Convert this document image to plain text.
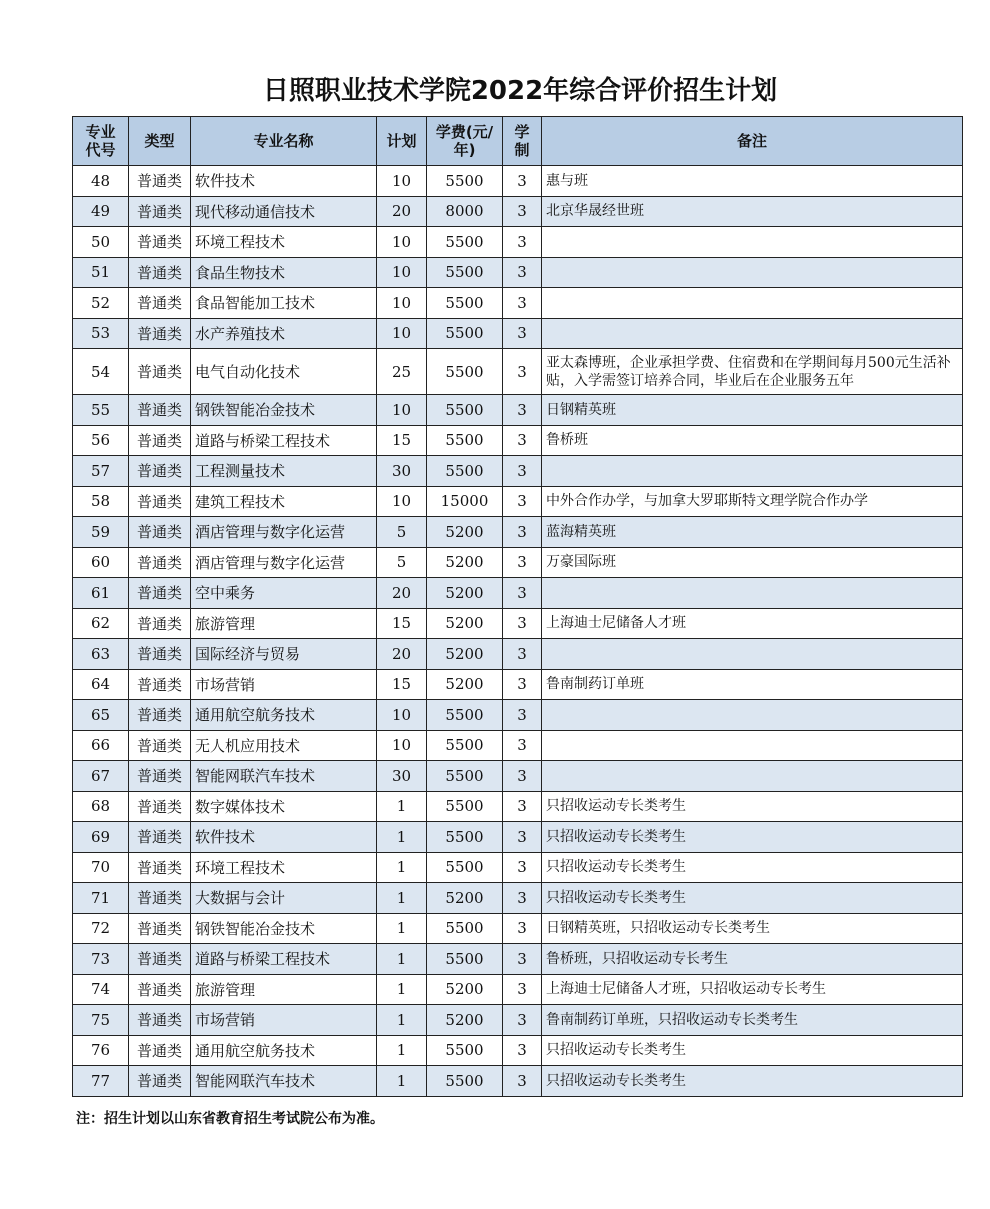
日照职业技术学院2022年综合评价招生计划
专业代号	类型	专业名称	计划	学费(元/年)	学制	备注
48	普通类	软件技术	10	5500	3	惠与班
49	普通类	现代移动通信技术	20	8000	3	北京华晟经世班
50	普通类	环境工程技术	10	5500	3	
51	普通类	食品生物技术	10	5500	3	
52	普通类	食品智能加工技术	10	5500	3	
53	普通类	水产养殖技术	10	5500	3	
54	普通类	电气自动化技术	25	5500	3	亚太森博班，企业承担学费、住宿费和在学期间每月500元生活补贴，入学需签订培养合同，毕业后在企业服务五年
55	普通类	钢铁智能冶金技术	10	5500	3	日钢精英班
56	普通类	道路与桥梁工程技术	15	5500	3	鲁桥班
57	普通类	工程测量技术	30	5500	3	
58	普通类	建筑工程技术	10	15000	3	中外合作办学，与加拿大罗耶斯特文理学院合作办学
59	普通类	酒店管理与数字化运营	5	5200	3	蓝海精英班
60	普通类	酒店管理与数字化运营	5	5200	3	万豪国际班
61	普通类	空中乘务	20	5200	3	
62	普通类	旅游管理	15	5200	3	上海迪士尼储备人才班
63	普通类	国际经济与贸易	20	5200	3	
64	普通类	市场营销	15	5200	3	鲁南制药订单班
65	普通类	通用航空航务技术	10	5500	3	
66	普通类	无人机应用技术	10	5500	3	
67	普通类	智能网联汽车技术	30	5500	3	
68	普通类	数字媒体技术	1	5500	3	只招收运动专长类考生
69	普通类	软件技术	1	5500	3	只招收运动专长类考生
70	普通类	环境工程技术	1	5500	3	只招收运动专长类考生
71	普通类	大数据与会计	1	5200	3	只招收运动专长类考生
72	普通类	钢铁智能冶金技术	1	5500	3	日钢精英班，只招收运动专长类考生
73	普通类	道路与桥梁工程技术	1	5500	3	鲁桥班，只招收运动专长考生
74	普通类	旅游管理	1	5200	3	上海迪士尼储备人才班，只招收运动专长考生
75	普通类	市场营销	1	5200	3	鲁南制药订单班，只招收运动专长类考生
76	普通类	通用航空航务技术	1	5500	3	只招收运动专长类考生
77	普通类	智能网联汽车技术	1	5500	3	只招收运动专长类考生
注：招生计划以山东省教育招生考试院公布为准。
